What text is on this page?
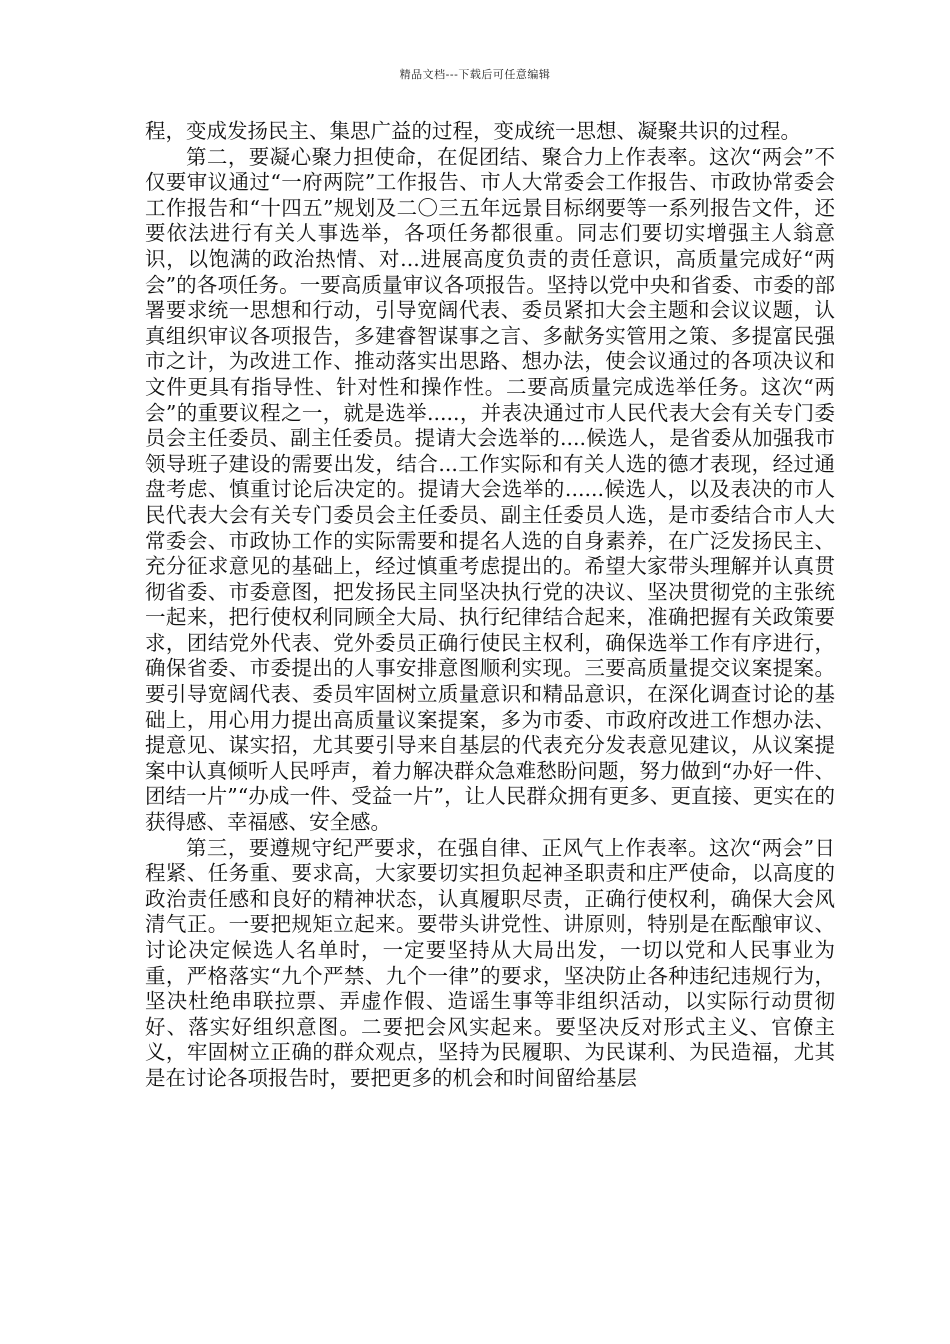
精品文档---下载后可任意编辑

程，变成发扬民主、集思广益的过程，变成统一思想、凝聚共识的过程。

第二，要凝心聚力担使命，在促团结、聚合力上作表率。这次“两会”不仅要审议通过“一府两院”工作报告、市人大常委会工作报告、市政协常委会工作报告和“十四五”规划及二〇三五年远景目标纲要等一系列报告文件，还要依法进行有关人事选举，各项任务都很重。同志们要切实增强主人翁意识，以饱满的政治热情、对...进展高度负责的责任意识，高质量完成好“两会”的各项任务。一要高质量审议各项报告。坚持以党中央和省委、市委的部署要求统一思想和行动，引导宽阔代表、委员紧扣大会主题和会议议题，认真组织审议各项报告，多建睿智谋事之言、多献务实管用之策、多提富民强市之计，为改进工作、推动落实出思路、想办法，使会议通过的各项决议和文件更具有指导性、针对性和操作性。二要高质量完成选举任务。这次“两会”的重要议程之一，就是选举.....，并表决通过市人民代表大会有关专门委员会主任委员、副主任委员。提请大会选举的....候选人，是省委从加强我市领导班子建设的需要出发，结合...工作实际和有关人选的德才表现，经过通盘考虑、慎重讨论后决定的。提请大会选举的......候选人，以及表决的市人民代表大会有关专门委员会主任委员、副主任委员人选，是市委结合市人大常委会、市政协工作的实际需要和提名人选的自身素养，在广泛发扬民主、充分征求意见的基础上，经过慎重考虑提出的。希望大家带头理解并认真贯彻省委、市委意图，把发扬民主同坚决执行党的决议、坚决贯彻党的主张统一起来，把行使权利同顾全大局、执行纪律结合起来，准确把握有关政策要求，团结党外代表、党外委员正确行使民主权利，确保选举工作有序进行，确保省委、市委提出的人事安排意图顺利实现。三要高质量提交议案提案。要引导宽阔代表、委员牢固树立质量意识和精品意识，在深化调查讨论的基础上，用心用力提出高质量议案提案，多为市委、市政府改进工作想办法、提意见、谋实招，尤其要引导来自基层的代表充分发表意见建议，从议案提案中认真倾听人民呼声，着力解决群众急难愁盼问题，努力做到“办好一件、团结一片”“办成一件、受益一片”，让人民群众拥有更多、更直接、更实在的获得感、幸福感、安全感。

第三，要遵规守纪严要求，在强自律、正风气上作表率。这次“两会”日程紧、任务重、要求高，大家要切实担负起神圣职责和庄严使命，以高度的政治责任感和良好的精神状态，认真履职尽责，正确行使权利，确保大会风清气正。一要把规矩立起来。要带头讲党性、讲原则，特别是在酝酿审议、讨论决定候选人名单时，一定要坚持从大局出发，一切以党和人民事业为重，严格落实“九个严禁、九个一律”的要求，坚决防止各种违纪违规行为，坚决杜绝串联拉票、弄虚作假、造谣生事等非组织活动，以实际行动贯彻好、落实好组织意图。二要把会风实起来。要坚决反对形式主义、官僚主义，牢固树立正确的群众观点，坚持为民履职、为民谋利、为民造福，尤其是在讨论各项报告时，要把更多的机会和时间留给基层
